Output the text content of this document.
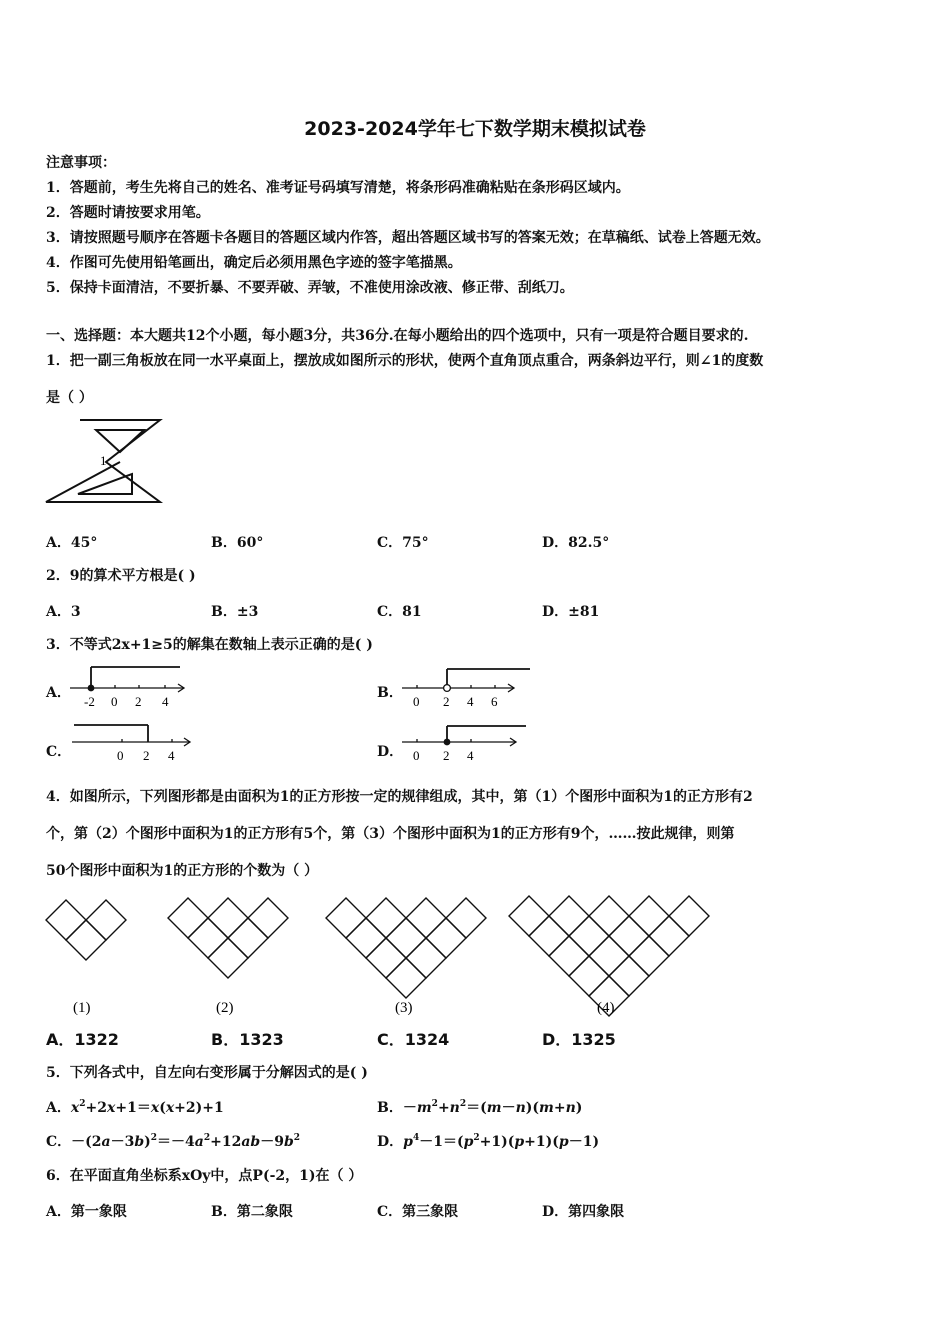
2023-2024学年七下数学期末模拟试卷
注意事项：
1．答题前，考生先将自己的姓名、准考证号码填写清楚，将条形码准确粘贴在条形码区域内。
2．答题时请按要求用笔。
3．请按照题号顺序在答题卡各题目的答题区域内作答，超出答题区域书写的答案无效；在草稿纸、试卷上答题无效。
4．作图可先使用铅笔画出，确定后必须用黑色字迹的签字笔描黑。
5．保持卡面清洁，不要折暴、不要弄破、弄皱，不准使用涂改液、修正带、刮纸刀。
一、选择题：本大题共12个小题，每小题3分，共36分.在每小题给出的四个选项中，只有一项是符合题目要求的.
1．把一副三角板放在同一水平桌面上，摆放成如图所示的形状，使两个直角顶点重合，两条斜边平行，则∠1的度数
是（ ）
1
A．45°	B．60°	C．75°	D．82.5°
2．9的算术平方根是( )
A．3	B．±3	C．81	D．±81
3．不等式2x+1≥5的解集在数轴上表示正确的是( )
A．
-2 0 2 4
B．
0 2 4 6
C．	0 2 4	D． 0 2 4
4．如图所示，下列图形都是由面积为1的正方形按一定的规律组成，其中，第（1）个图形中面积为1的正方形有2
个，第（2）个图形中面积为1的正方形有5个，第（3）个图形中面积为1的正方形有9个，……按此规律，则第
50个图形中面积为1的正方形的个数为（ ）
(1)	(2)	(3)	(4)
A．1322	B．1323	C．1324	D．1325
5．下列各式中，自左向右变形属于分解因式的是( )
A．$x^2+2x+1=x(x+2)+1$	B．$-m^2+n^2=(m-n)(m+n)$
C．$-(2a-3b)^2=-4a^2+12ab-9b^2$	D．$p^4-1=(p^2+1)(p+1)(p-1)$
6．在平面直角坐标系xOy中，点P(-2，1)在（ ）
A．第一象限	B．第二象限	C．第三象限	D．第四象限
